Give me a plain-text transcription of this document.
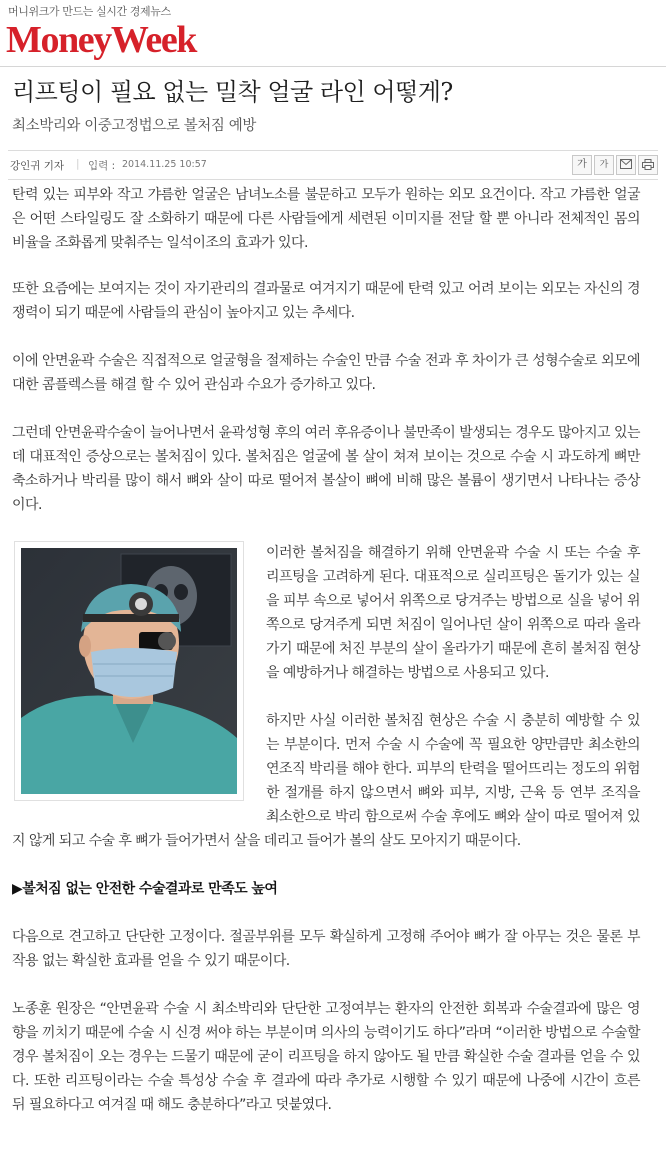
머니위크가 만드는 실시간 경제뉴스
MoneyWeek
리프팅이 필요 없는 밀착 얼굴 라인 어떻게?
최소박리와 이중고정법으로 볼처짐 예방
강인귀 기자 | 입력 : 2014.11.25 10:57	가	가

탄력 있는 피부와 작고 갸름한 얼굴은 남녀노소를 불문하고 모두가 원하는 외모 요건이다. 작고 갸름한 얼굴은 어떤 스타일링도 잘 소화하기 때문에 다른 사람들에게 세련된 이미지를 전달 할 뿐 아니라 전체적인 몸의 비율을 조화롭게 맞춰주는 일석이조의 효과가 있다.

또한 요즘에는 보여지는 것이 자기관리의 결과물로 여겨지기 때문에 탄력 있고 어려 보이는 외모는 자신의 경쟁력이 되기 때문에 사람들의 관심이 높아지고 있는 추세다.

이에 안면윤곽 수술은 직접적으로 얼굴형을 절제하는 수술인 만큼 수술 전과 후 차이가 큰 성형수술로 외모에 대한 콤플렉스를 해결 할 수 있어 관심과 수요가 증가하고 있다.

그런데 안면윤곽수술이 늘어나면서 윤곽성형 후의 여러 후유증이나 불만족이 발생되는 경우도 많아지고 있는데 대표적인 증상으로는 볼처짐이 있다. 볼처짐은 얼굴에 볼 살이 쳐져 보이는 것으로 수술 시 과도하게 뼈만 축소하거나 박리를 많이 해서 뼈와 살이 따로 떨어져 볼살이 뼈에 비해 많은 볼륨이 생기면서 나타나는 증상이다.

이러한 볼처짐을 해결하기 위해 안면윤곽 수술 시 또는 수술 후 리프팅을 고려하게 된다. 대표적으로 실리프팅은 돌기가 있는 실을 피부 속으로 넣어서 위쪽으로 당겨주는 방법으로 실을 넣어 위쪽으로 당겨주게 되면 처짐이 일어나던 살이 위쪽으로 따라 올라가기 때문에 처진 부분의 살이 올라가기 때문에 흔히 볼처짐 현상을 예방하거나 해결하는 방법으로 사용되고 있다.

하지만 사실 이러한 볼처짐 현상은 수술 시 충분히 예방할 수 있는 부분이다. 먼저 수술 시 수술에 꼭 필요한 양만큼만 최소한의 연조직 박리를 해야 한다. 피부의 탄력을 떨어뜨리는 정도의 위험한 절개를 하지 않으면서 뼈와 피부, 지방, 근육 등 연부 조직을 최소한으로 박리 함으로써 수술 후에도 뼈와 살이 따로 떨어져 있지 않게 되고 수술 후 뼈가 들어가면서 살을 데리고 들어가 볼의 살도 모아지기 때문이다.

▶볼처짐 없는 안전한 수술결과로 만족도 높여

다음으로 견고하고 단단한 고정이다. 절골부위를 모두 확실하게 고정해 주어야 뼈가 잘 아무는 것은 물론 부작용 없는 확실한 효과를 얻을 수 있기 때문이다.

노종훈 원장은 “안면윤곽 수술 시 최소박리와 단단한 고정여부는 환자의 안전한 회복과 수술결과에 많은 영향을 끼치기 때문에 수술 시 신경 써야 하는 부분이며 의사의 능력이기도 하다”라며 “이러한 방법으로 수술할 경우 볼처짐이 오는 경우는 드물기 때문에 굳이 리프팅을 하지 않아도 될 만큼 확실한 수술 결과를 얻을 수 있다. 또한 리프팅이라는 수술 특성상 수술 후 결과에 따라 추가로 시행할 수 있기 때문에 나중에 시간이 흐른 뒤 필요하다고 여겨질 때 해도 충분하다”라고 덧붙였다.
